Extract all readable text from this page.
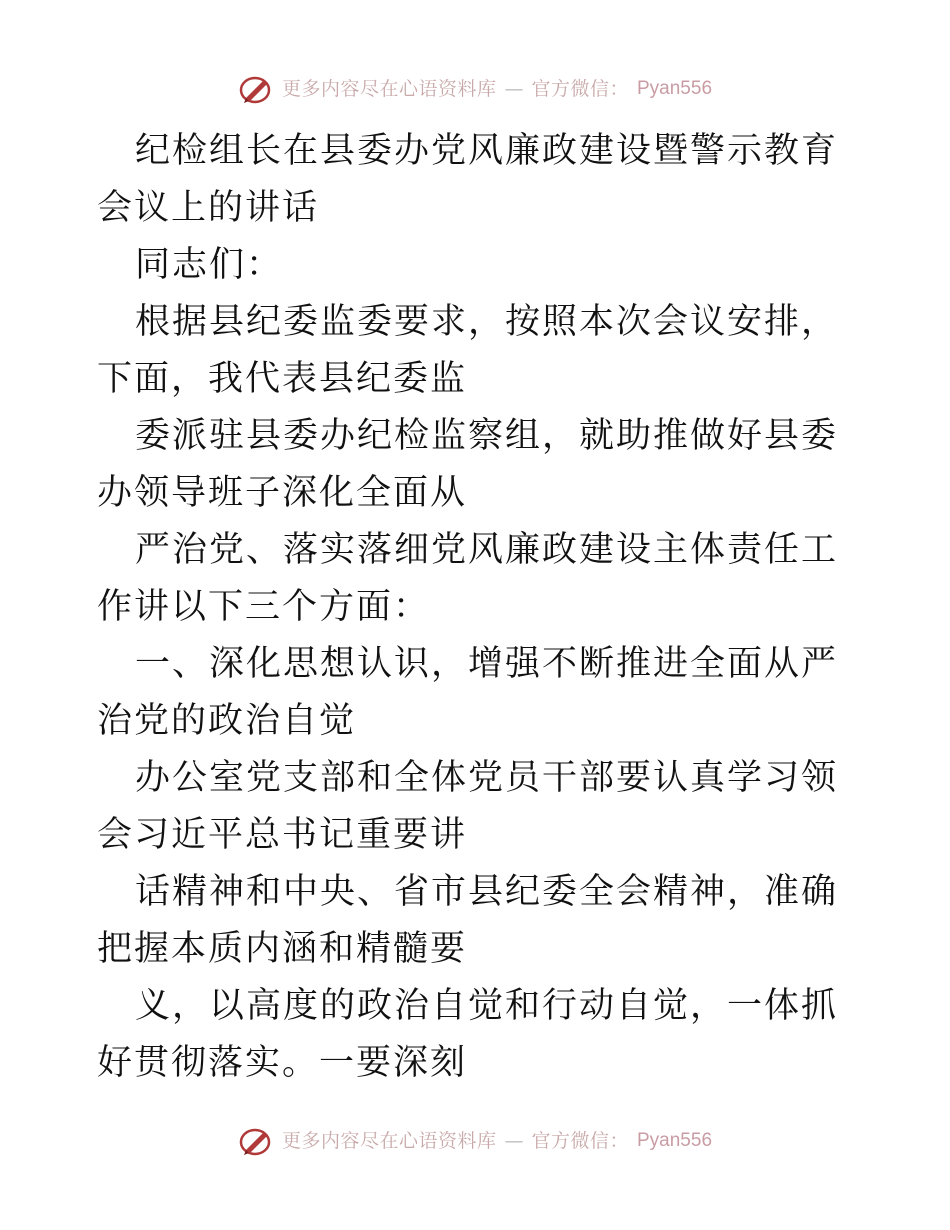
更多内容尽在心语资料库 — 官方微信： Pyan556

纪检组长在县委办党风廉政建设暨警示教育会议上的讲话

同志们：

根据县纪委监委要求，按照本次会议安排，下面，我代表县纪委监

委派驻县委办纪检监察组，就助推做好县委办领导班子深化全面从

严治党、落实落细党风廉政建设主体责任工作讲以下三个方面：

一、深化思想认识，增强不断推进全面从严治党的政治自觉

办公室党支部和全体党员干部要认真学习领会习近平总书记重要讲

话精神和中央、省市县纪委全会精神，准确把握本质内涵和精髓要

义，以高度的政治自觉和行动自觉，一体抓好贯彻落实。一要深刻

更多内容尽在心语资料库 — 官方微信： Pyan556
